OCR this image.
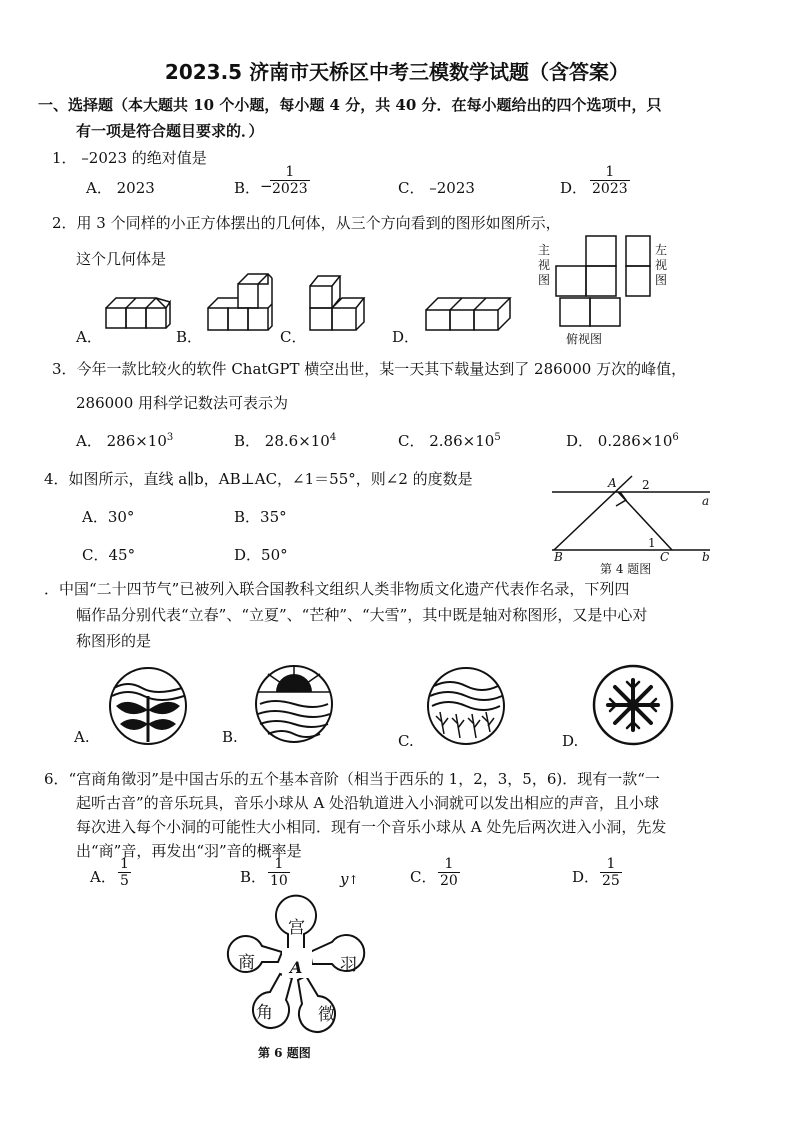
2023.5 济南市天桥区中考三模数学试题（含答案）
一、选择题（本大题共 10 个小题，每小题 4 分，共 40 分．在每小题给出的四个选项中，只
有一项是符合题目要求的．）
1． –2023 的绝对值是
A． 2023	B． −
$\frac{1}{2023}$	C． –2023	D． $\frac{1}{2023}$
2．用 3 个同样的小正方体摆出的几何体，从三个方向看到的图形如图所示，
这个几何体是	主视图
左视图
俯视图
A．	B．	C．	D．
3．今年一款比较火的软件 ChatGPT 横空出世，某一天其下载量达到了 286000 万次的峰值，
286000 用科学记数法可表示为
A． $286\times 10^3$	B． $28.6\times 10^4$	C． $2.86\times 10^5$	D． $0.286\times 10^6$
4．如图所示，直线 a∥b，AB⊥AC，∠1＝55°，则∠2 的度数是
A．30°	B．35°
C．45°	D．50°
A 2
a
B
1
C	b
第 4 题图
．中国“二十四节气”已被列入联合国教科文组织人类非物质文化遗产代表作名录，下列四
幅作品分别代表“立春”、“立夏”、“芒种”、“大雪”，其中既是轴对称图形，又是中心对
称图形的是
A.	B.	C.	D.
6．“宫商角徵羽”是中国古乐的五个基本音阶（相当于西乐的 1，2，3，5，6)．现有一款“一
起听古音”的音乐玩具，音乐小球从 A 处沿轨道进入小洞就可以发出相应的声音，且小球
每次进入每个小洞的可能性大小相同．现有一个音乐小球从 A 处先后两次进入小洞，先发
出“商”音，再发出“羽”音的概率是
A． $\frac{1}{5}$	B． $\frac{1}{10}$	y↑	C． $\frac{1}{20}$	D． $\frac{1}{25}$
宫
商	羽
角	徵
A
第 6 题图
